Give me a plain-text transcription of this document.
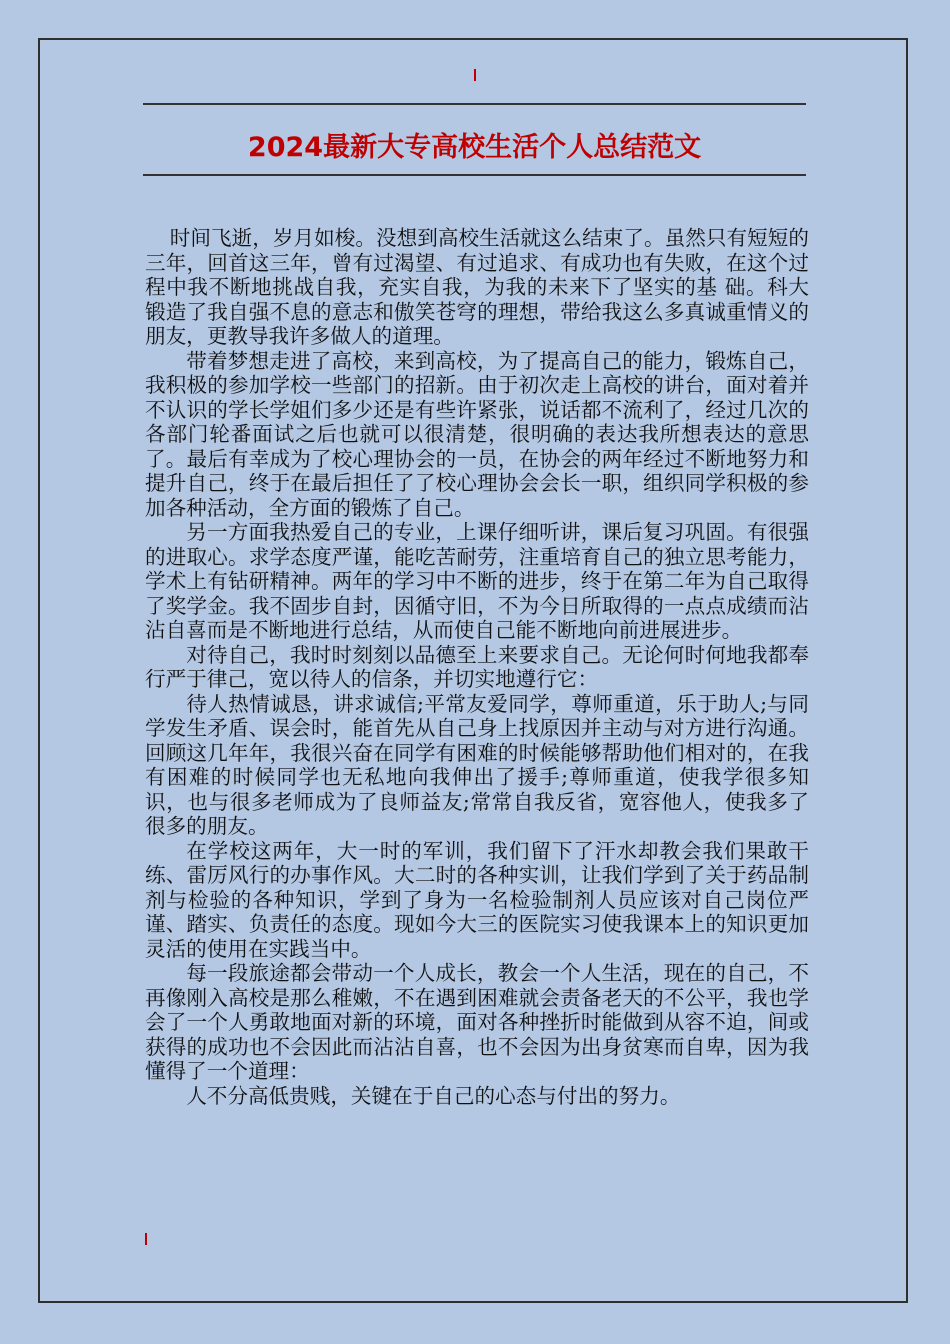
2024最新大专高校生活个人总结范文

时间飞逝，岁月如梭。没想到高校生活就这么结束了。虽然只有短短的三年，回首这三年，曾有过渴望、有过追求、有成功也有失败，在这个过程中我不断地挑战自我，充实自我，为我的未来下了坚实的基 础。科大锻造了我自强不息的意志和傲笑苍穹的理想，带给我这么多真诚重情义的朋友，更教导我许多做人的道理。

带着梦想走进了高校，来到高校，为了提高自己的能力，锻炼自己，我积极的参加学校一些部门的招新。由于初次走上高校的讲台，面对着并不认识的学长学姐们多少还是有些许紧张，说话都不流利了，经过几次的各部门轮番面试之后也就可以很清楚，很明确的表达我所想表达的意思了。最后有幸成为了校心理协会的一员，在协会的两年经过不断地努力和提升自己，终于在最后担任了了校心理协会会长一职，组织同学积极的参加各种活动，全方面的锻炼了自己。

另一方面我热爱自己的专业，上课仔细听讲，课后复习巩固。有很强的进取心。求学态度严谨，能吃苦耐劳，注重培育自己的独立思考能力，学术上有钻研精神。两年的学习中不断的进步，终于在第二年为自己取得了奖学金。我不固步自封，因循守旧，不为今日所取得的一点点成绩而沾沾自喜而是不断地进行总结，从而使自己能不断地向前进展进步。

对待自己，我时时刻刻以品德至上来要求自己。无论何时何地我都奉行严于律己，宽以待人的信条，并切实地遵行它：

待人热情诚恳，讲求诚信;平常友爱同学，尊师重道，乐于助人;与同学发生矛盾、误会时，能首先从自己身上找原因并主动与对方进行沟通。回顾这几年年，我很兴奋在同学有困难的时候能够帮助他们相对的，在我有困难的时候同学也无私地向我伸出了援手;尊师重道，使我学很多知识，也与很多老师成为了良师益友;常常自我反省，宽容他人，使我多了很多的朋友。

在学校这两年，大一时的军训，我们留下了汗水却教会我们果敢干练、雷厉风行的办事作风。大二时的各种实训，让我们学到了关于药品制剂与检验的各种知识，学到了身为一名检验制剂人员应该对自己岗位严谨、踏实、负责任的态度。现如今大三的医院实习使我课本上的知识更加灵活的使用在实践当中。

每一段旅途都会带动一个人成长，教会一个人生活，现在的自己，不再像刚入高校是那么稚嫩，不在遇到困难就会责备老天的不公平，我也学会了一个人勇敢地面对新的环境，面对各种挫折时能做到从容不迫，间或获得的成功也不会因此而沾沾自喜，也不会因为出身贫寒而自卑，因为我懂得了一个道理：

人不分高低贵贱，关键在于自己的心态与付出的努力。
